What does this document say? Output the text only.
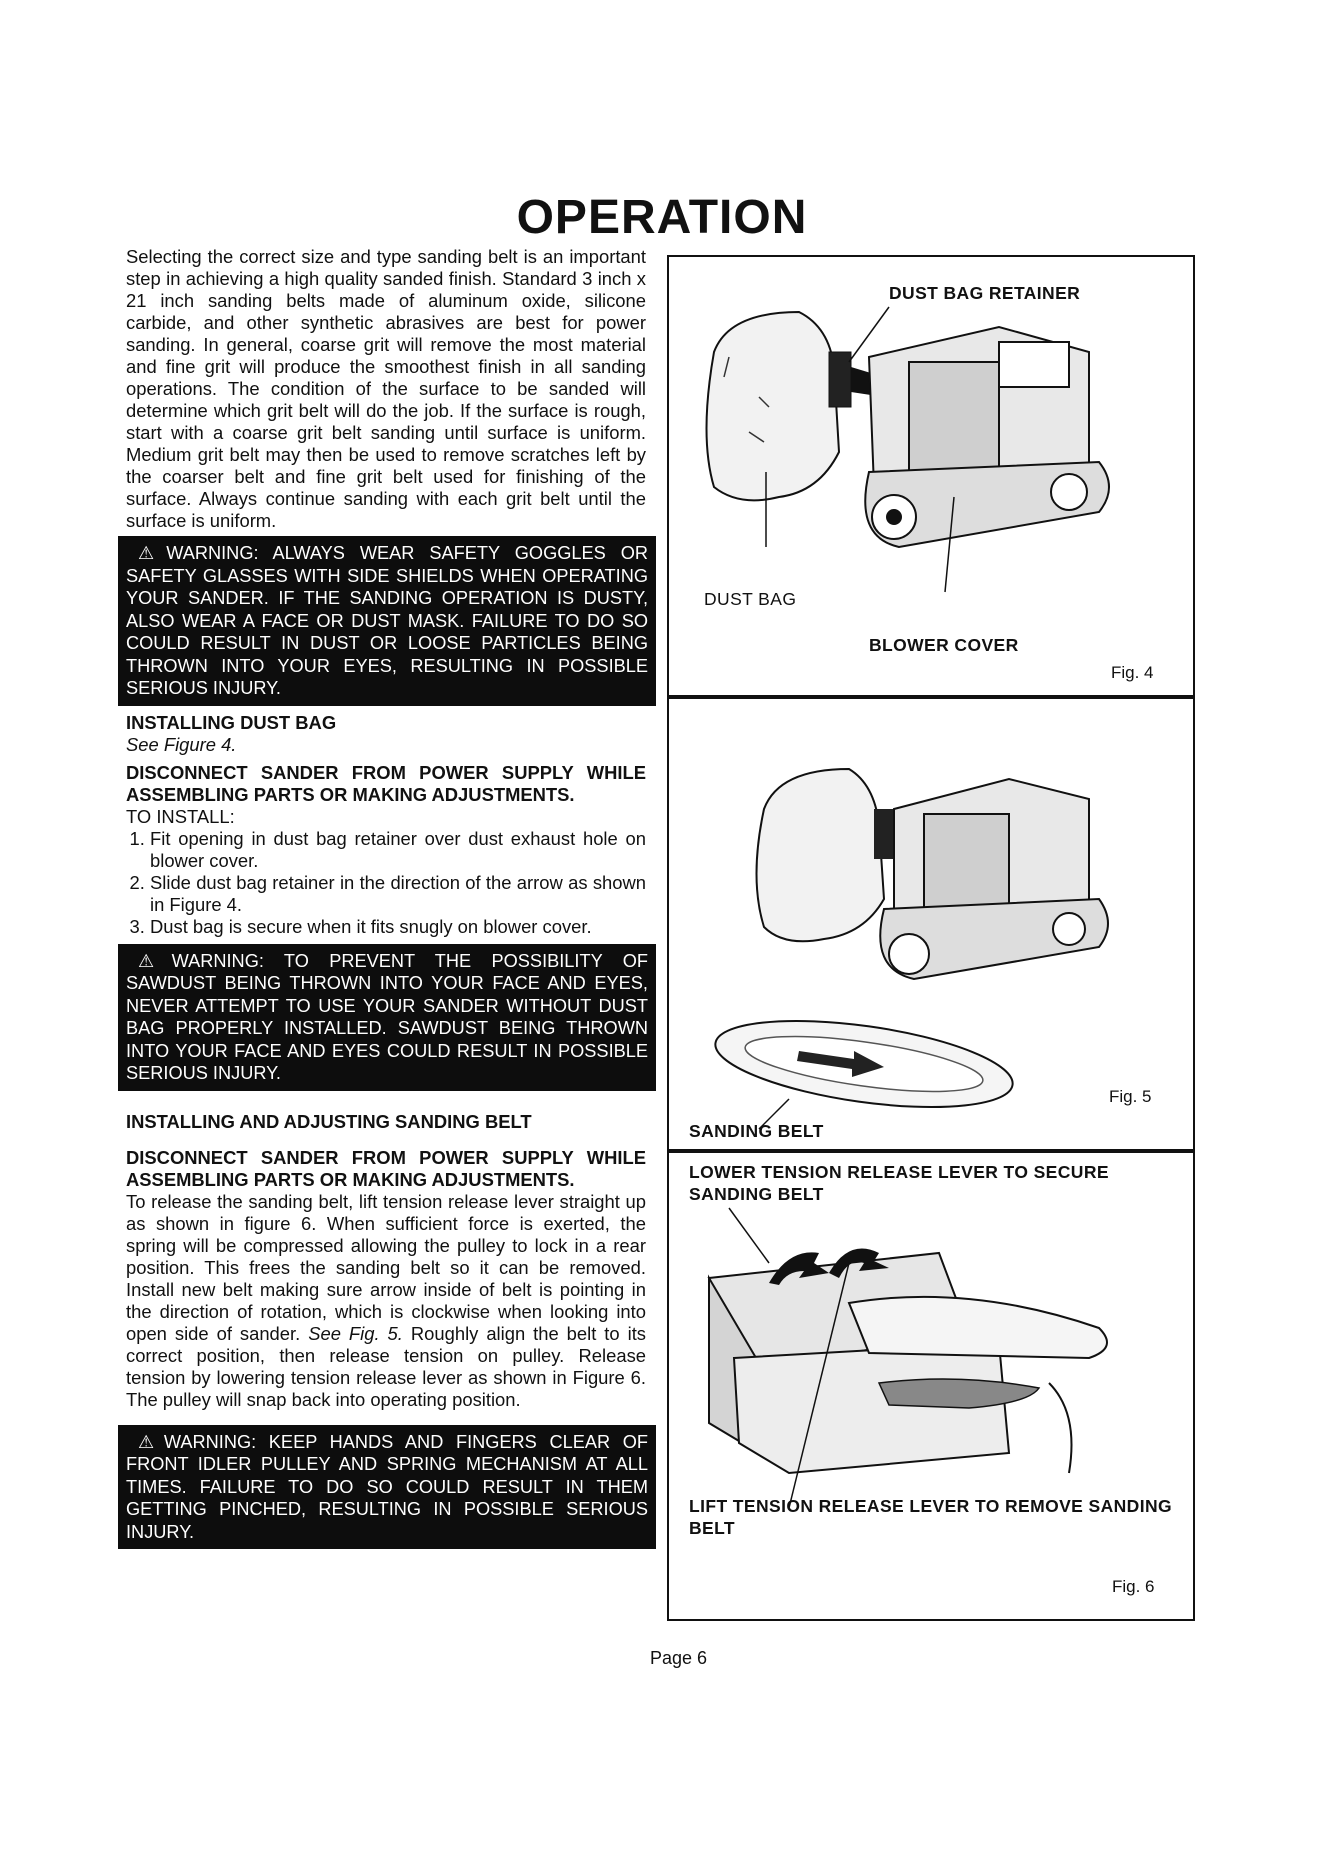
OPERATION

Selecting the correct size and type sanding belt is an important step in achieving a high quality sanded finish. Standard 3 inch x 21 inch sanding belts made of aluminum oxide, silicone carbide, and other synthetic abrasives are best for power sanding. In general, coarse grit will remove the most material and fine grit will produce the smoothest finish in all sanding operations. The condition of the surface to be sanded will determine which grit belt will do the job. If the surface is rough, start with a coarse grit belt sanding until surface is uniform. Medium grit belt may then be used to remove scratches left by the coarser belt and fine grit belt used for finishing of the surface. Always continue sanding with each grit belt until the surface is uniform.

⚠ WARNING: ALWAYS WEAR SAFETY GOGGLES OR SAFETY GLASSES WITH SIDE SHIELDS WHEN OPERATING YOUR SANDER. IF THE SANDING OPERATION IS DUSTY, ALSO WEAR A FACE OR DUST MASK. FAILURE TO DO SO COULD RESULT IN DUST OR LOOSE PARTICLES BEING THROWN INTO YOUR EYES, RESULTING IN POSSIBLE SERIOUS INJURY.

INSTALLING DUST BAG

See Figure 4.

DISCONNECT SANDER FROM POWER SUPPLY WHILE ASSEMBLING PARTS OR MAKING ADJUSTMENTS.

TO INSTALL:

1. Fit opening in dust bag retainer over dust exhaust hole on blower cover.
2. Slide dust bag retainer in the direction of the arrow as shown in Figure 4.
3. Dust bag is secure when it fits snugly on blower cover.
⚠ WARNING: TO PREVENT THE POSSIBILITY OF SAWDUST BEING THROWN INTO YOUR FACE AND EYES, NEVER ATTEMPT TO USE YOUR SANDER WITHOUT DUST BAG PROPERLY INSTALLED. SAWDUST BEING THROWN INTO YOUR FACE AND EYES COULD RESULT IN POSSIBLE SERIOUS INJURY.

INSTALLING AND ADJUSTING SANDING BELT

DISCONNECT SANDER FROM POWER SUPPLY WHILE ASSEMBLING PARTS OR MAKING ADJUSTMENTS.

To release the sanding belt, lift tension release lever straight up as shown in figure 6. When sufficient force is exerted, the spring will be compressed allowing the pulley to lock in a rear position. This frees the sanding belt so it can be removed. Install new belt making sure arrow inside of belt is pointing in the direction of rotation, which is clockwise when looking into open side of sander. See Fig. 5. Roughly align the belt to its correct position, then release tension on pulley. Release tension by lowering tension release lever as shown in Figure 6. The pulley will snap back into operating position.

⚠ WARNING: KEEP HANDS AND FINGERS CLEAR OF FRONT IDLER PULLEY AND SPRING MECHANISM AT ALL TIMES. FAILURE TO DO SO COULD RESULT IN THEM GETTING PINCHED, RESULTING IN POSSIBLE SERIOUS INJURY.
DUST BAG RETAINER
DUST BAG
BLOWER COVER
Fig. 4
Fig. 5
SANDING BELT
LOWER TENSION RELEASE LEVER TO SECURE SANDING BELT
LIFT TENSION RELEASE LEVER TO REMOVE SANDING BELT
Fig. 6
Page 6
